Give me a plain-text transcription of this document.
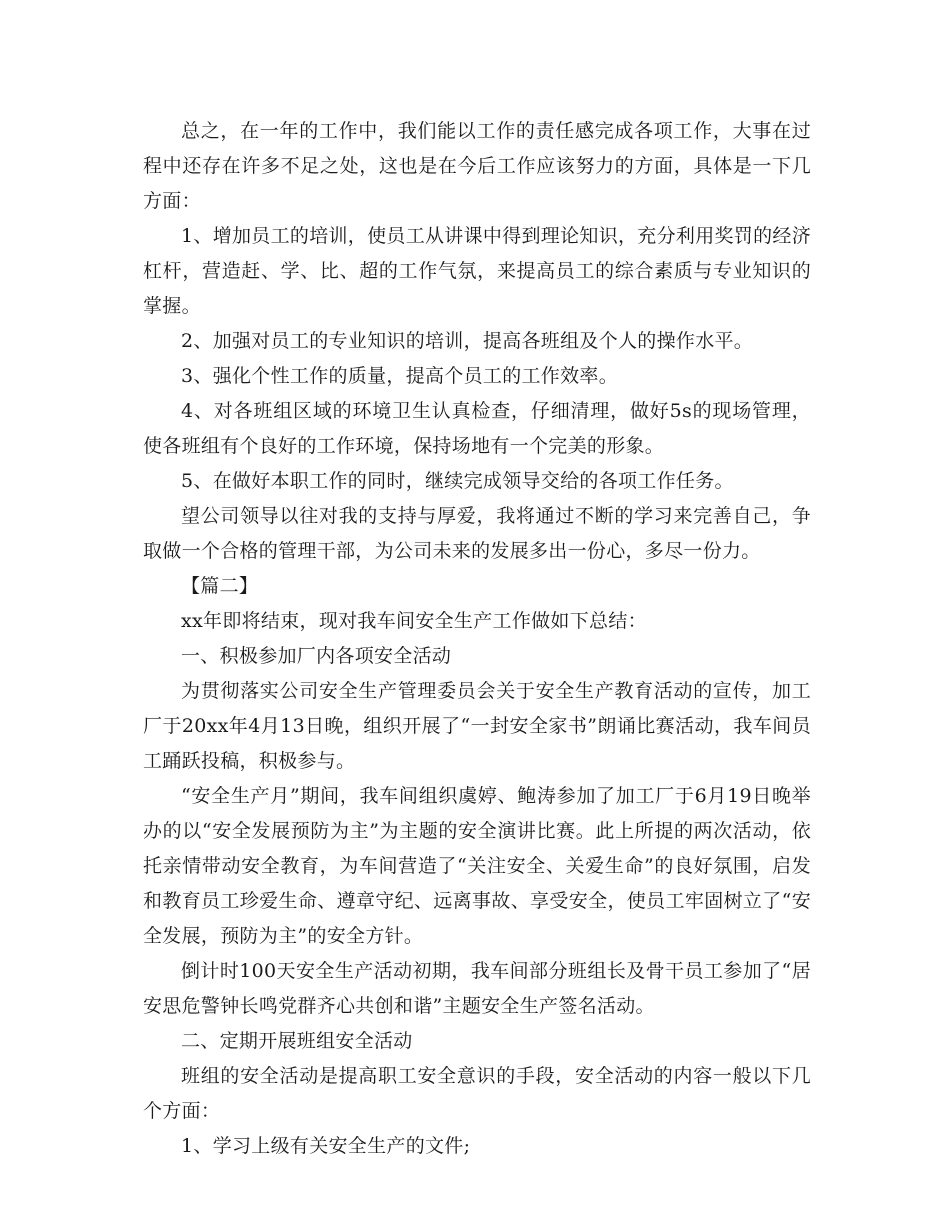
总之，在一年的工作中，我们能以工作的责任感完成各项工作，大事在过程中还存在许多不足之处，这也是在今后工作应该努力的方面，具体是一下几方面：

1、增加员工的培训，使员工从讲课中得到理论知识，充分利用奖罚的经济杠杆，营造赶、学、比、超的工作气氛，来提高员工的综合素质与专业知识的掌握。

2、加强对员工的专业知识的培训，提高各班组及个人的操作水平。

3、强化个性工作的质量，提高个员工的工作效率。

4、对各班组区域的环境卫生认真检查，仔细清理，做好5s的现场管理，使各班组有个良好的工作环境，保持场地有一个完美的形象。

5、在做好本职工作的同时，继续完成领导交给的各项工作任务。

望公司领导以往对我的支持与厚爱，我将通过不断的学习来完善自己，争取做一个合格的管理干部，为公司未来的发展多出一份心，多尽一份力。

【篇二】

xx年即将结束，现对我车间安全生产工作做如下总结：

一、积极参加厂内各项安全活动

为贯彻落实公司安全生产管理委员会关于安全生产教育活动的宣传，加工厂于20xx年4月13日晚，组织开展了“一封安全家书”朗诵比赛活动，我车间员工踊跃投稿，积极参与。

“安全生产月”期间，我车间组织虞婷、鲍涛参加了加工厂于6月19日晚举办的以“安全发展预防为主”为主题的安全演讲比赛。此上所提的两次活动，依托亲情带动安全教育，为车间营造了“关注安全、关爱生命”的良好氛围，启发和教育员工珍爱生命、遵章守纪、远离事故、享受安全，使员工牢固树立了“安全发展，预防为主”的安全方针。

倒计时100天安全生产活动初期，我车间部分班组长及骨干员工参加了“居安思危警钟长鸣党群齐心共创和谐”主题安全生产签名活动。

二、定期开展班组安全活动

班组的安全活动是提高职工安全意识的手段，安全活动的内容一般以下几个方面：

1、学习上级有关安全生产的文件;
